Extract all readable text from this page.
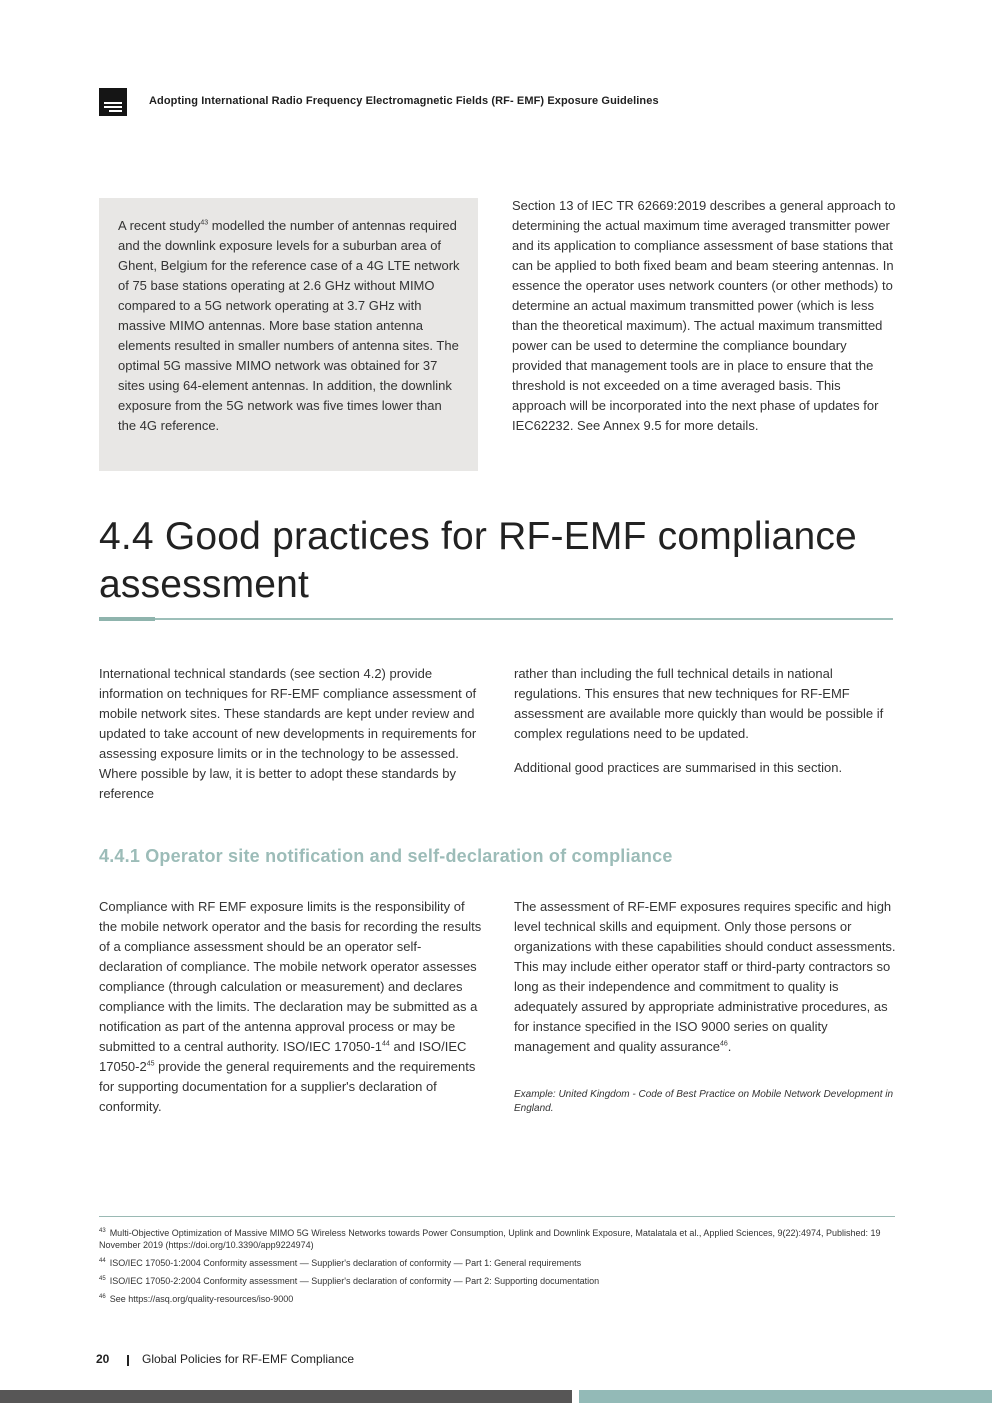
Adopting International Radio Frequency Electromagnetic Fields (RF- EMF) Exposure Guidelines
A recent study$^{43}$ modelled the number of antennas required and the downlink exposure levels for a suburban area of Ghent, Belgium for the reference case of a 4G LTE network of 75 base stations operating at 2.6 GHz without MIMO compared to a 5G network operating at 3.7 GHz with massive MIMO antennas. More base station antenna elements resulted in smaller numbers of antenna sites. The optimal 5G massive MIMO network was obtained for 37 sites using 64-element antennas. In addition, the downlink exposure from the 5G network was five times lower than the 4G reference.
Section 13 of IEC TR 62669:2019 describes a general approach to determining the actual maximum time averaged transmitter power and its application to compliance assessment of base stations that can be applied to both fixed beam and beam steering antennas. In essence the operator uses network counters (or other methods) to determine an actual maximum transmitted power (which is less than the theoretical maximum). The actual maximum transmitted power can be used to determine the compliance boundary provided that management tools are in place to ensure that the threshold is not exceeded on a time averaged basis. This approach will be incorporated into the next phase of updates for IEC62232. See Annex 9.5 for more details.
4.4 Good practices for RF-EMF compliance assessment

International technical standards (see section 4.2) provide information on techniques for RF-EMF compliance assessment of mobile network sites. These standards are kept under review and updated to take account of new developments in requirements for assessing exposure limits or in the technology to be assessed. Where possible by law, it is better to adopt these standards by reference

rather than including the full technical details in national regulations. This ensures that new techniques for RF-EMF assessment are available more quickly than would be possible if complex regulations need to be updated.

Additional good practices are summarised in this section.

4.4.1 Operator site notification and self-declaration of compliance

Compliance with RF EMF exposure limits is the responsibility of the mobile network operator and the basis for recording the results of a compliance assessment should be an operator self-declaration of compliance. The mobile network operator assesses compliance (through calculation or measurement) and declares compliance with the limits. The declaration may be submitted as a notification as part of the antenna approval process or may be submitted to a central authority. ISO/IEC $17050-1^{44}$ and ISO/IEC $17050-2^{45}$ provide the general requirements and the requirements for supporting documentation for a supplier's declaration of conformity.

The assessment of RF-EMF exposures requires specific and high level technical skills and equipment. Only those persons or organizations with these capabilities should conduct assessments. This may include either operator staff or third-party contractors so long as their independence and commitment to quality is adequately assured by appropriate administrative procedures, as for instance specified in the ISO 9000 series on quality management and quality assurance$^{46}$.

Example: United Kingdom - Code of Best Practice on Mobile Network Development in England.

$^{43}$ Multi-Objective Optimization of Massive MIMO 5G Wireless Networks towards Power Consumption, Uplink and Downlink Exposure, Matalatala et al., Applied Sciences, 9(22):4974, Published: 19 November 2019 (https://doi.org/10.3390/app9224974)

$^{44}$ ISO/IEC 17050-1:2004 Conformity assessment — Supplier's declaration of conformity — Part 1: General requirements

$^{45}$ ISO/IEC 17050-2:2004 Conformity assessment — Supplier's declaration of conformity — Part 2: Supporting documentation

$^{46}$ See https://asq.org/quality-resources/iso-9000

20	Global Policies for RF-EMF Compliance
